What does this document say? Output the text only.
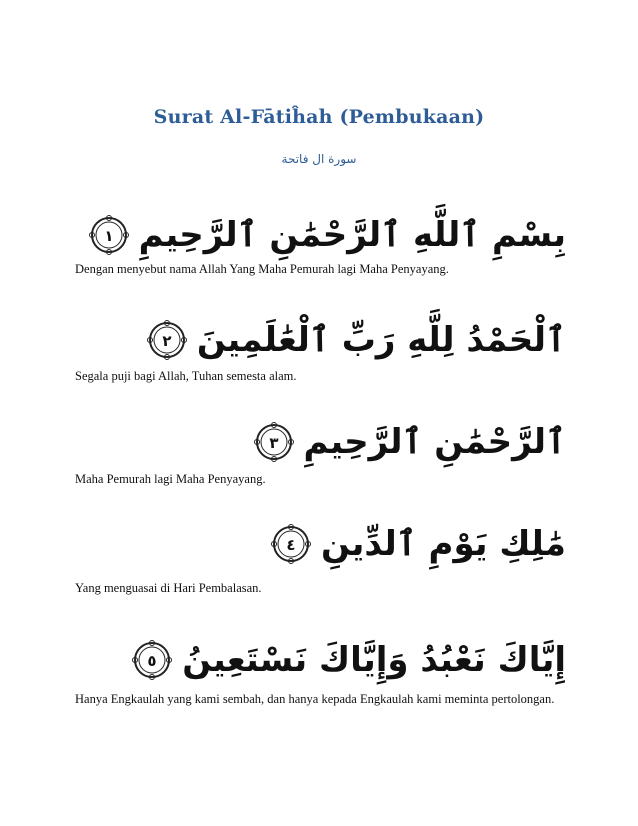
Surat Al-Fātiĥah (Pembukaan)
سورة ال فاتحة
١ بِسْمِ ٱللَّهِ ٱلرَّحْمَٰنِ ٱلرَّحِيمِ
Dengan menyebut nama Allah Yang Maha Pemurah lagi Maha Penyayang.
٢ ٱلْحَمْدُ لِلَّهِ رَبِّ ٱلْعَٰلَمِينَ
Segala puji bagi Allah, Tuhan semesta alam.
٣ ٱلرَّحْمَٰنِ ٱلرَّحِيمِ
Maha Pemurah lagi Maha Penyayang.
٤ مَٰلِكِ يَوْمِ ٱلدِّينِ
Yang menguasai di Hari Pembalasan.
٥ إِيَّاكَ نَعْبُدُ وَإِيَّاكَ نَسْتَعِينُ
Hanya Engkaulah yang kami sembah, dan hanya kepada Engkaulah kami meminta pertolongan.
